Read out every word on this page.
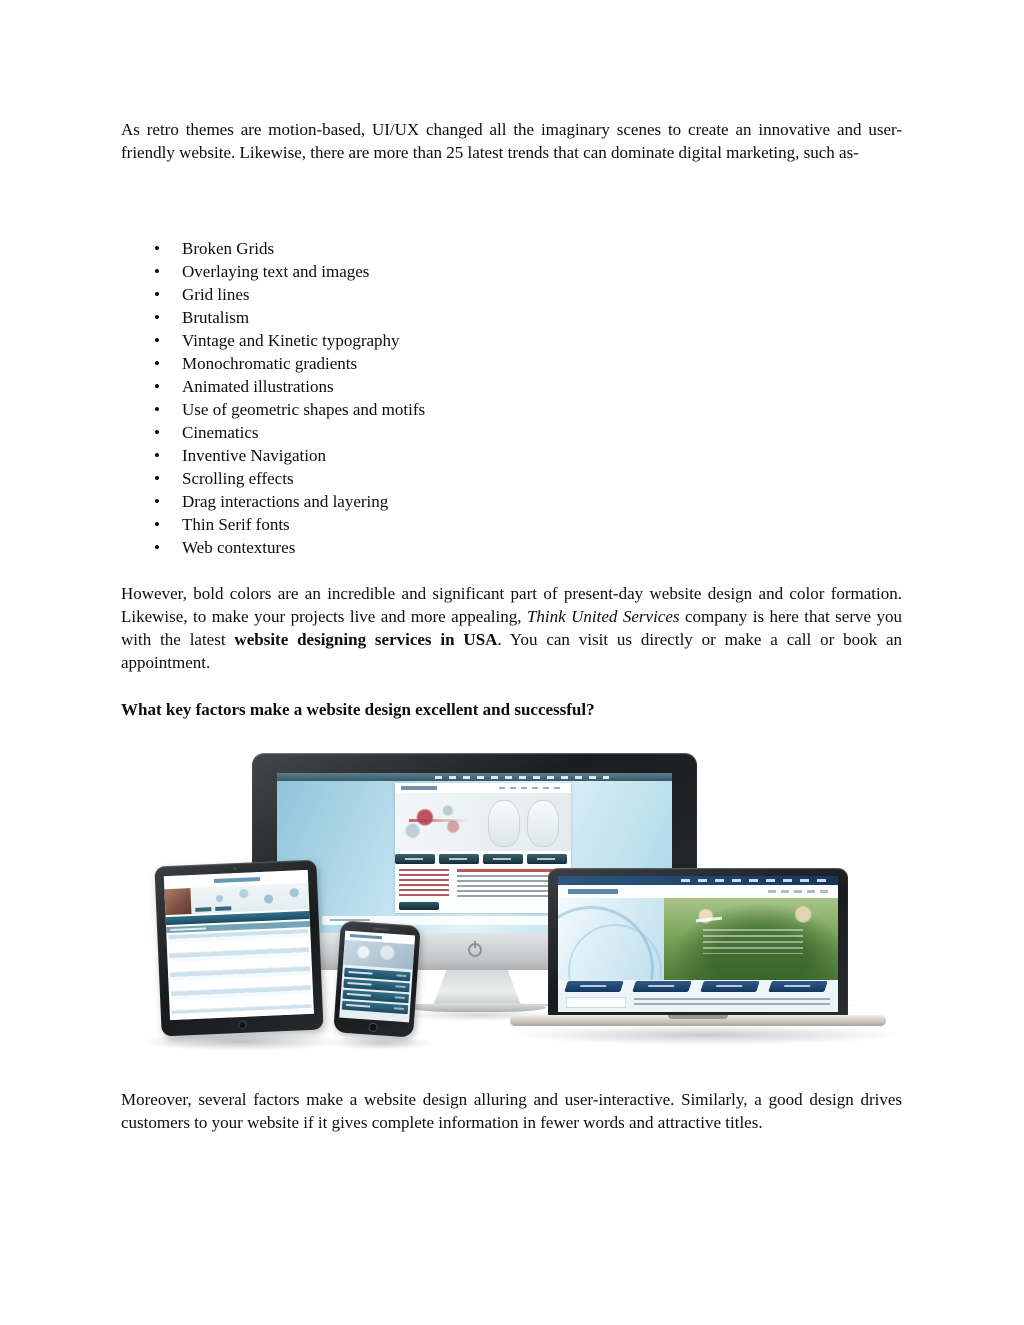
As retro themes are motion-based, UI/UX changed all the imaginary scenes to create an innovative and user-friendly website. Likewise, there are more than 25 latest trends that can dominate digital marketing, such as-

• Broken Grids
• Overlaying text and images
• Grid lines
• Brutalism
• Vintage and Kinetic typography
• Monochromatic gradients
• Animated illustrations
• Use of geometric shapes and motifs
• Cinematics
• Inventive Navigation
• Scrolling effects
• Drag interactions and layering
• Thin Serif fonts
• Web contextures

However, bold colors are an incredible and significant part of present-day website design and color formation. Likewise, to make your projects live and more appealing, Think United Services company is here that serve you with the latest website designing services in USA. You can visit us directly or make a call or book an appointment.

What key factors make a website design excellent and successful?

Moreover, several factors make a website design alluring and user-interactive. Similarly, a good design drives customers to your website if it gives complete information in fewer words and attractive titles.
